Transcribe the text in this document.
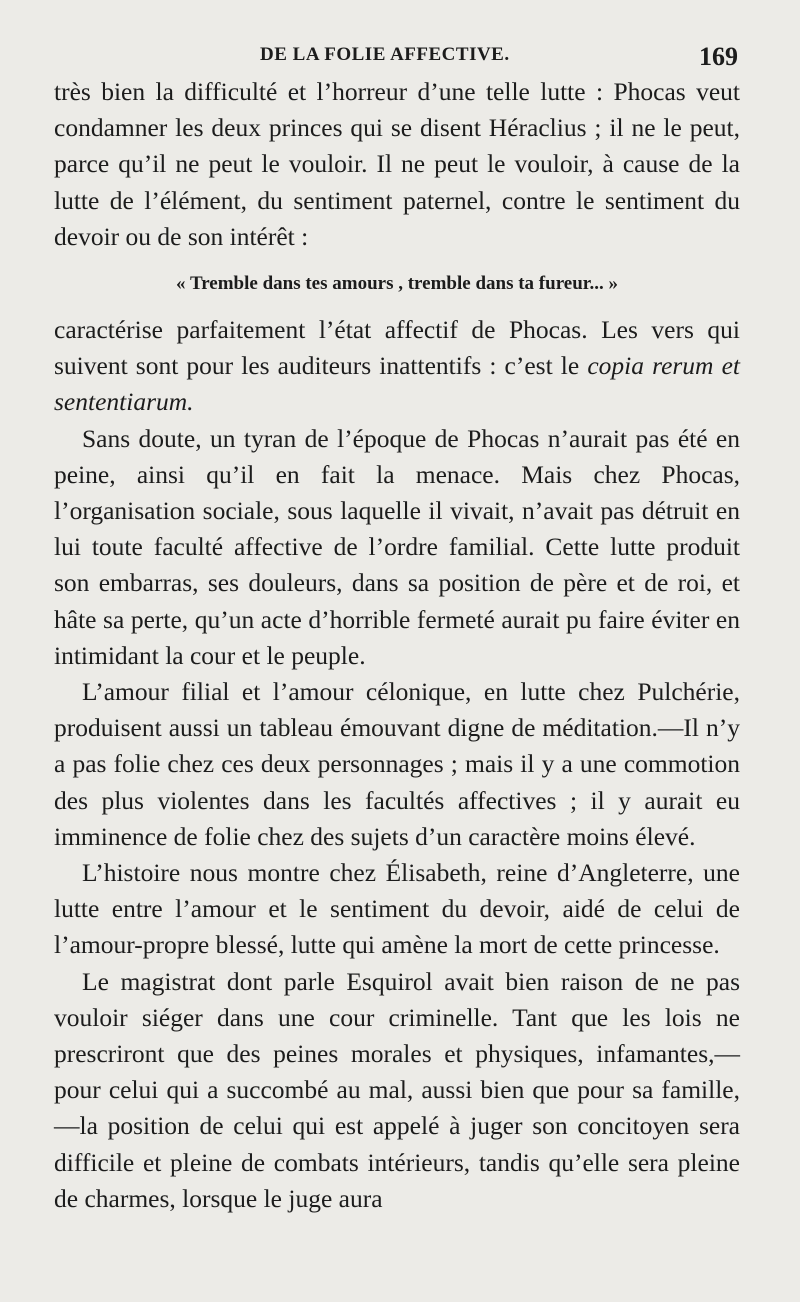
DE LA FOLIE AFFECTIVE.	169

très bien la difficulté et l’horreur d’une telle lutte : Phocas veut condamner les deux princes qui se disent Héraclius ; il ne le peut, parce qu’il ne peut le vouloir. Il ne peut le vouloir, à cause de la lutte de l’élément, du sentiment paternel, contre le sentiment du devoir ou de son intérêt :

« Tremble dans tes amours , tremble dans ta fureur... »

caractérise parfaitement l’état affectif de Phocas. Les vers qui suivent sont pour les auditeurs inattentifs : c’est le copia rerum et sententiarum.

Sans doute, un tyran de l’époque de Phocas n’aurait pas été en peine, ainsi qu’il en fait la menace. Mais chez Phocas, l’organisation sociale, sous laquelle il vivait, n’avait pas détruit en lui toute faculté affective de l’ordre familial. Cette lutte produit son embarras, ses douleurs, dans sa position de père et de roi, et hâte sa perte, qu’un acte d’horrible fermeté aurait pu faire éviter en intimidant la cour et le peuple.

L’amour filial et l’amour célonique, en lutte chez Pulchérie, produisent aussi un tableau émouvant digne de méditation.—Il n’y a pas folie chez ces deux personnages ; mais il y a une commotion des plus violentes dans les facultés affectives ; il y aurait eu imminence de folie chez des sujets d’un caractère moins élevé.

L’histoire nous montre chez Élisabeth, reine d’Angleterre, une lutte entre l’amour et le sentiment du devoir, aidé de celui de l’amour-propre blessé, lutte qui amène la mort de cette princesse.

Le magistrat dont parle Esquirol avait bien raison de ne pas vouloir siéger dans une cour criminelle. Tant que les lois ne prescriront que des peines morales et physiques, infamantes,— pour celui qui a succombé au mal, aussi bien que pour sa famille, —la position de celui qui est appelé à juger son concitoyen sera difficile et pleine de combats intérieurs, tandis qu’elle sera pleine de charmes, lorsque le juge aura
